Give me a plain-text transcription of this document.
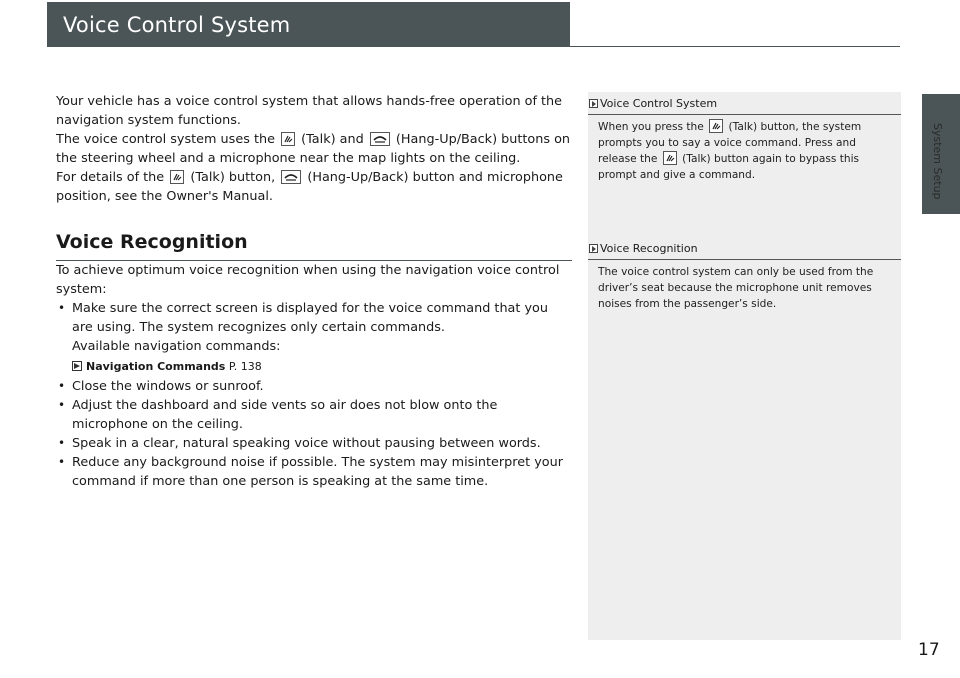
Voice Control System
System Setup

Your vehicle has a voice control system that allows hands-free operation of the navigation system functions.

The voice control system uses the (Talk) and	(Hang-Up/Back) buttons on the steering wheel and a microphone near the map lights on the ceiling.

For details of the (Talk) button,	(Hang-Up/Back) button and microphone position, see the Owner's Manual.

Voice Recognition

To achieve optimum voice recognition when using the navigation voice control system:

• Make sure the correct screen is displayed for the voice command that you are using. The system recognizes only certain commands.
Available navigation commands:
Navigation Commands P. 138
• Close the windows or sunroof.
• Adjust the dashboard and side vents so air does not blow onto the microphone on the ceiling.
• Speak in a clear, natural speaking voice without pausing between words.
• Reduce any background noise if possible. The system may misinterpret your command if more than one person is speaking at the same time.
Voice Control System
When you press the (Talk) button, the system prompts you to say a voice command. Press and release the (Talk) button again to bypass this prompt and give a command.
Voice Recognition
The voice control system can only be used from the driver’s seat because the microphone unit removes noises from the passenger’s side.
17
